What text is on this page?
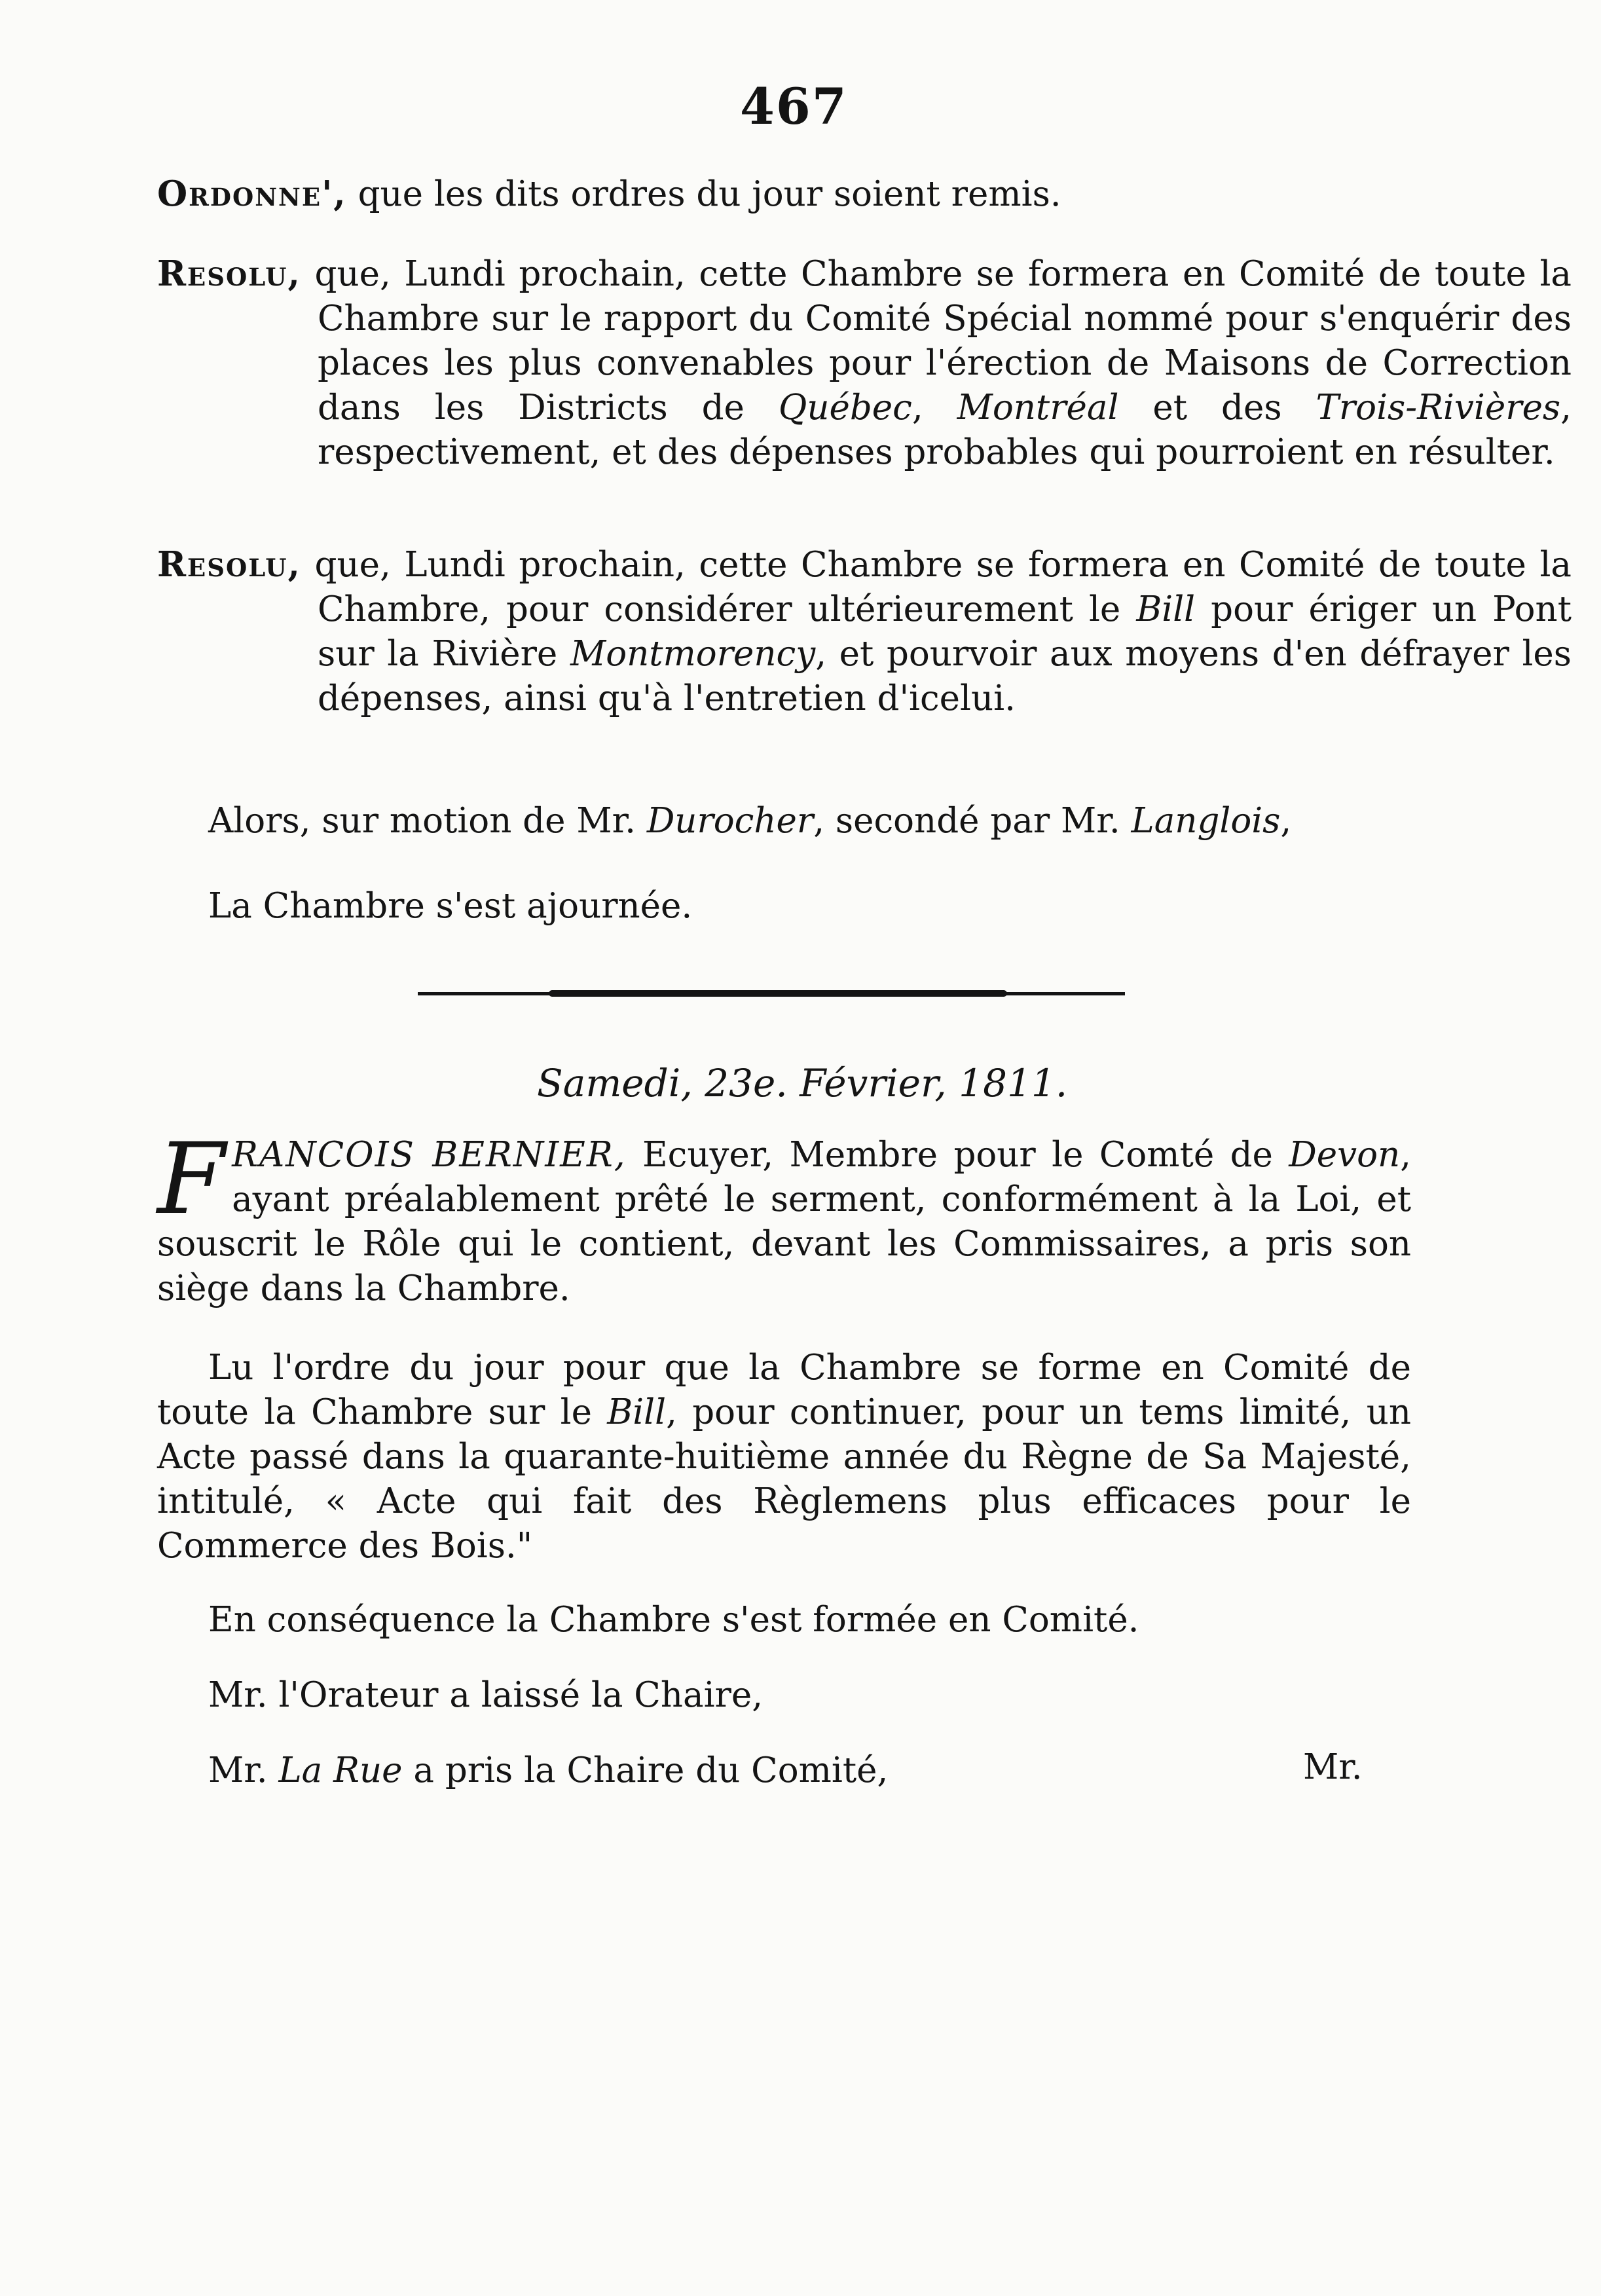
467
Ordonne', que les dits ordres du jour soient remis.
Resolu, que, Lundi prochain, cette Chambre se formera en Comité de toute la Chambre sur le rapport du Comité Spécial nommé pour s'enquérir des places les plus convenables pour l'érection de Maisons de Correction dans les Districts de Québec, Montréal et des Trois-Rivières, respectivement, et des dépenses probables qui pourroient en résulter.
Resolu, que, Lundi prochain, cette Chambre se formera en Comité de toute la Chambre, pour considérer ultérieurement le Bill pour ériger un Pont sur la Rivière Montmorency, et pourvoir aux moyens d'en défrayer les dépenses, ainsi qu'à l'entretien d'icelui.
Alors, sur motion de Mr. Durocher, secondé par Mr. Langlois,
La Chambre s'est ajournée.
Samedi, 23e. Février, 1811.
FRANCOIS BERNIER, Ecuyer, Membre pour le Comté de Devon, ayant préalablement prêté le serment, conformément à la Loi, et souscrit le Rôle qui le contient, devant les Commissaires, a pris son siège dans la Chambre.
Lu l'ordre du jour pour que la Chambre se forme en Comité de toute la Chambre sur le Bill, pour continuer, pour un tems limité, un Acte passé dans la quarante-huitième année du Règne de Sa Majesté, intitulé, « Acte qui fait des Règlemens plus efficaces pour le Commerce des Bois."
En conséquence la Chambre s'est formée en Comité.
Mr. l'Orateur a laissé la Chaire,
Mr. La Rue a pris la Chaire du Comité,	Mr.
